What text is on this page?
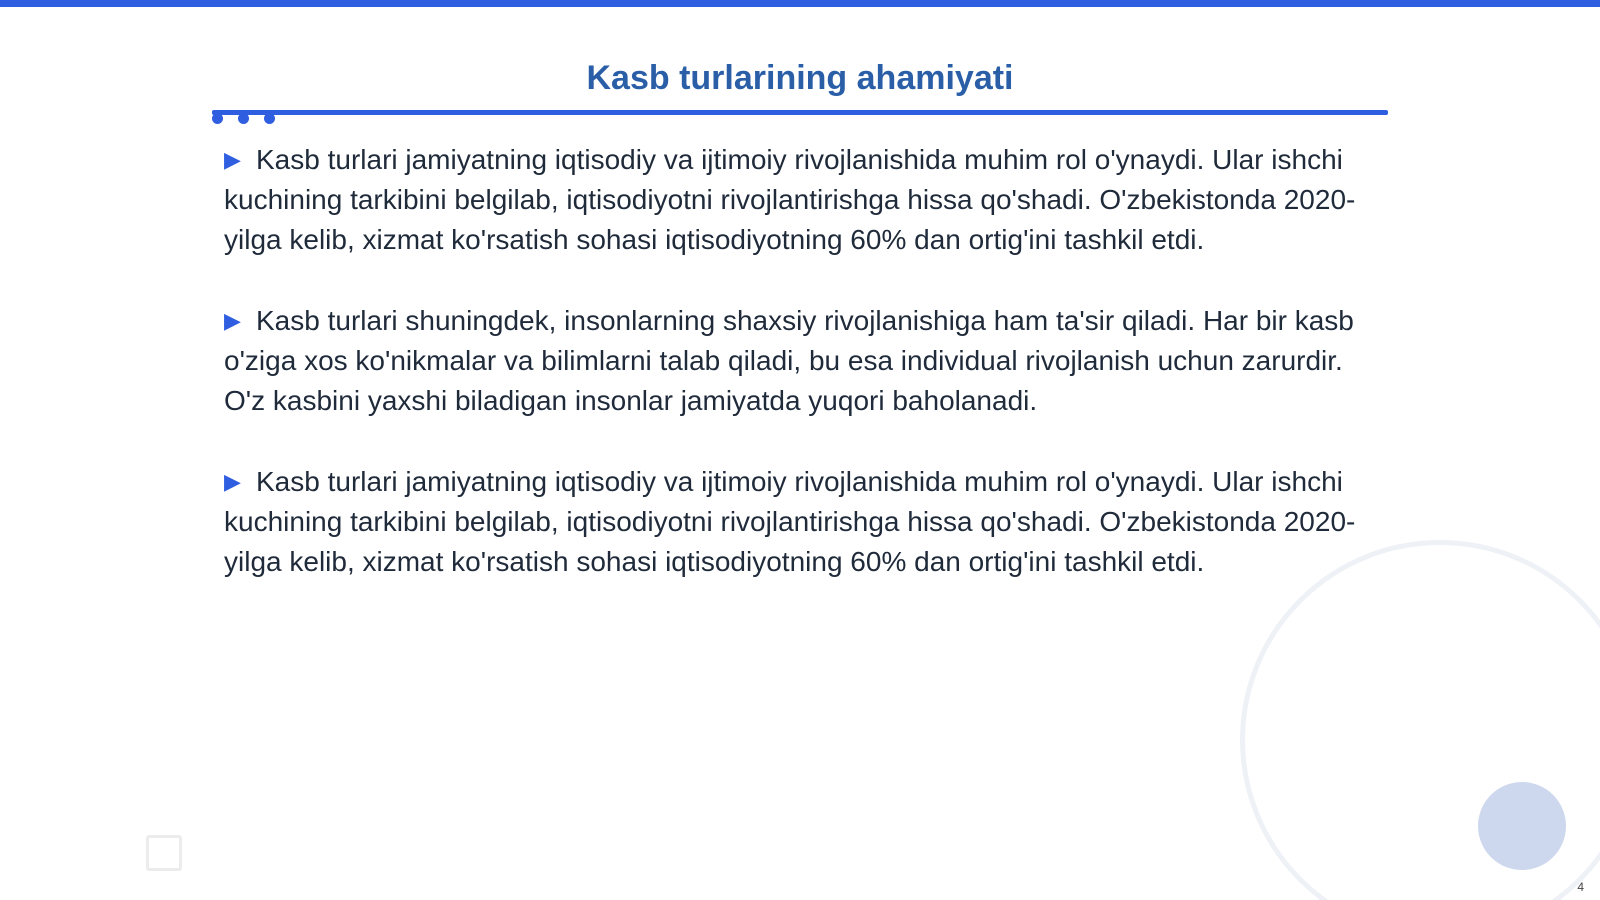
Kasb turlarining ahamiyati

▶ Kasb turlari jamiyatning iqtisodiy va ijtimoiy rivojlanishida muhim rol o'ynaydi. Ular ishchi kuchining tarkibini belgilab, iqtisodiyotni rivojlantirishga hissa qo'shadi. O'zbekistonda 2020-yilga kelib, xizmat ko'rsatish sohasi iqtisodiyotning 60% dan ortig'ini tashkil etdi.

▶ Kasb turlari shuningdek, insonlarning shaxsiy rivojlanishiga ham ta'sir qiladi. Har bir kasb o'ziga xos ko'nikmalar va bilimlarni talab qiladi, bu esa individual rivojlanish uchun zarurdir. O'z kasbini yaxshi biladigan insonlar jamiyatda yuqori baholanadi.

▶ Kasb turlari jamiyatning iqtisodiy va ijtimoiy rivojlanishida muhim rol o'ynaydi. Ular ishchi kuchining tarkibini belgilab, iqtisodiyotni rivojlantirishga hissa qo'shadi. O'zbekistonda 2020-yilga kelib, xizmat ko'rsatish sohasi iqtisodiyotning 60% dan ortig'ini tashkil etdi.

4
